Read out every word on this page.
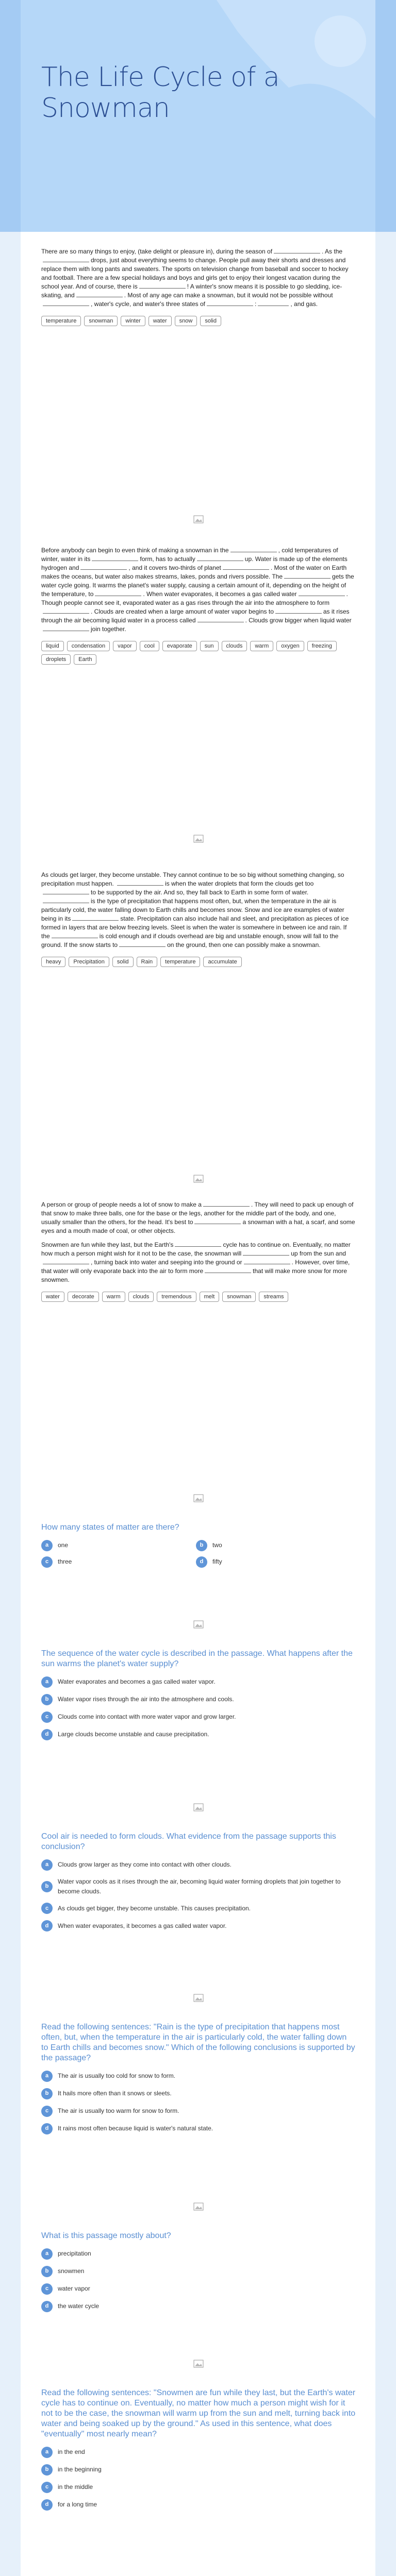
The Life Cycle of a Snowman

There are so many things to enjoy, (take delight or pleasure in), during the season of	. As thedrops, just about everything seems to change. People pull away their shorts and dresses and replace them with long pants and sweaters. The sports on television change from baseball and soccer to hockey and football. There are a few special holidays and boys and girls get to enjoy their longest vacation during the school year. And of course, there is	! A winter's snow means it is possible to go sledding, ice-skating, and	. Most of any age can make a snowman, but it would not be possible without, water's cycle, and water's three states of	:	, and gas.

temperature	snowman	winter	water	snow	solid

Before anybody can begin to even think of making a snowman in the	, cold temperatures of winter, water in its	form, has to actually	up. Water is made up of the elements hydrogen and	, and it covers two-thirds of planet	. Most of the water on Earth makes the oceans, but water also makes streams, lakes, ponds and rivers possible. The	gets the water cycle going. It warms the planet's water supply, causing a certain amount of it, depending on the height of the temperature, to	. When water evaporates, it becomes a gas called water	. Though people cannot see it, evaporated water as a gas rises through the air into the atmosphere to form. Clouds are created when a large amount of water vapor begins to	as it rises through the air becoming liquid water in a process called	. Clouds grow bigger when liquid waterjoin together.

liquid	condensation	vapor	cool	evaporate	sun	clouds	warm	oxygen	freezing
droplets	Earth

As clouds get larger, they become unstable. They cannot continue to be so big without something changing, so precipitation must happen.	is when the water droplets that form the clouds get tooto be supported by the air. And so, they fall back to Earth in some form of water.is the type of precipitation that happens most often, but, when the temperature in the air is particularly cold, the water falling down to Earth chills and becomes snow. Snow and ice are examples of water being in its	state. Precipitation can also include hail and sleet, and precipitation as pieces of ice formed in layers that are below freezing levels. Sleet is when the water is somewhere in between ice and rain. If the	is cold enough and if clouds overhead are big and unstable enough, snow will fall to the ground. If the snow starts to	on the ground, then one can possibly make a snowman.

heavy	Precipitation	solid	Rain	temperature	accumulate

A person or group of people needs a lot of snow to make a	. They will need to pack up enough of that snow to make three balls, one for the base or the legs, another for the middle part of the body, and one, usually smaller than the others, for the head. It's best to	a snowman with a hat, a scarf, and some eyes and a mouth made of coal, or other objects.

Snowmen are fun while they last, but the Earth's	cycle has to continue on. Eventually, no matter how much a person might wish for it not to be the case, the snowman will	up from the sun and, turning back into water and seeping into the ground or	. However, over time, that water will only evaporate back into the air to form more	that will make more snow for more snowmen.

water	decorate	warm	clouds	tremendous	melt	snowman	streams
How many states of matter are there?
a	one	b	two
c	three	d	fifty
The sequence of the water cycle is described in the passage. What happens after the sun warms the planet's water supply?
a	Water evaporates and becomes a gas called water vapor.
b	Water vapor rises through the air into the atmosphere and cools.
c	Clouds come into contact with more water vapor and grow larger.
d	Large clouds become unstable and cause precipitation.
Cool air is needed to form clouds. What evidence from the passage supports this conclusion?
a	Clouds grow larger as they come into contact with other clouds.
b
Water vapor cools as it rises through the air, becoming liquid water forming droplets that join together to become clouds.
c	As clouds get bigger, they become unstable. This causes precipitation.
d	When water evaporates, it becomes a gas called water vapor.
Read the following sentences: "Rain is the type of precipitation that happens most often, but, when the temperature in the air is particularly cold, the water falling down to Earth chills and becomes snow." Which of the following conclusions is supported by the passage?
a	The air is usually too cold for snow to form.
b	It hails more often than it snows or sleets.
c	The air is usually too warm for snow to form.
d	It rains most often because liquid is water's natural state.
What is this passage mostly about?
a	precipitation
b	snowmen
c	water vapor
d	the water cycle
Read the following sentences: "Snowmen are fun while they last, but the Earth's water cycle has to continue on. Eventually, no matter how much a person might wish for it not to be the case, the snowman will warm up from the sun and melt, turning back into water and being soaked up by the ground." As used in this sentence, what does "eventually" most nearly mean?
a	in the end
b	in the beginning
c	in the middle
d	for a long time
